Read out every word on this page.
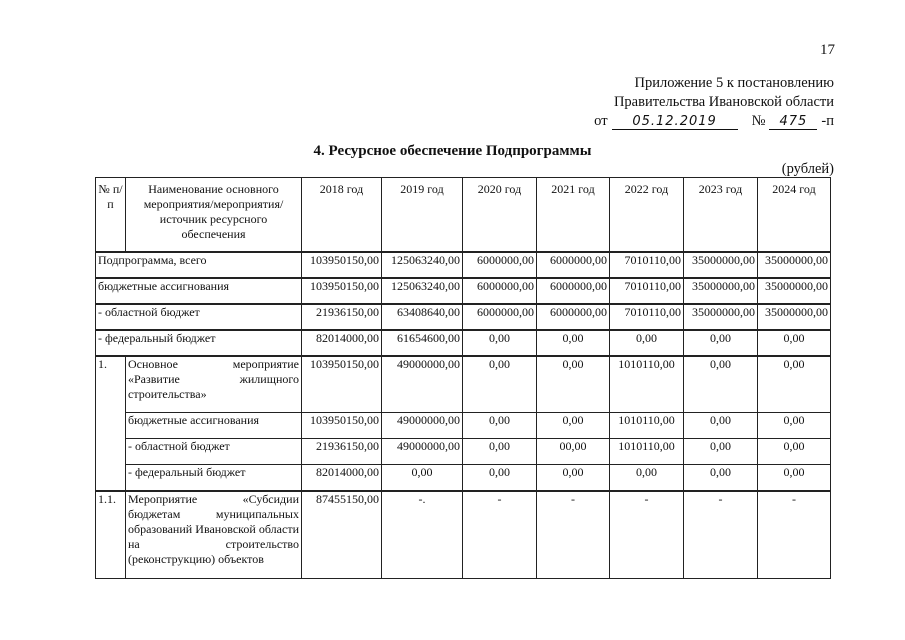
17
Приложение 5 к постановлению
Правительства Ивановской области
от	05.12.2019	№	475 -п
4. Ресурсное обеспечение Подпрограммы
(рублей)
№ п/п	Наименование основного мероприятия/мероприятия/ источник ресурсного обеспечения	2018 год	2019 год	2020 год	2021 год	2022 год	2023 год	2024 год
Подпрограмма, всего		103950150,00	125063240,00	6000000,00	6000000,00	7010110,00	35000000,00	35000000,00
бюджетные ассигнования		103950150,00	125063240,00	6000000,00	6000000,00	7010110,00	35000000,00	35000000,00
- областной бюджет		21936150,00	63408640,00	6000000,00	6000000,00	7010110,00	35000000,00	35000000,00
- федеральный бюджет		82014000,00	61654600,00	0,00	0,00	0,00	0,00	0,00
1.	Основное мероприятие «Развитие жилищного строительства»	103950150,00	49000000,00	0,00	0,00	1010110,00	0,00	0,00
	бюджетные ассигнования	103950150,00	49000000,00	0,00	0,00	1010110,00	0,00	0,00
	- областной бюджет	21936150,00	49000000,00	0,00	00,00	1010110,00	0,00	0,00
	- федеральный бюджет	82014000,00	0,00	0,00	0,00	0,00	0,00	0,00
1.1.	Мероприятие «Субсидии бюджетам муниципальных образований Ивановской области на строительство (реконструкцию) объектов	87455150,00	-.	-	-	-	-	-
